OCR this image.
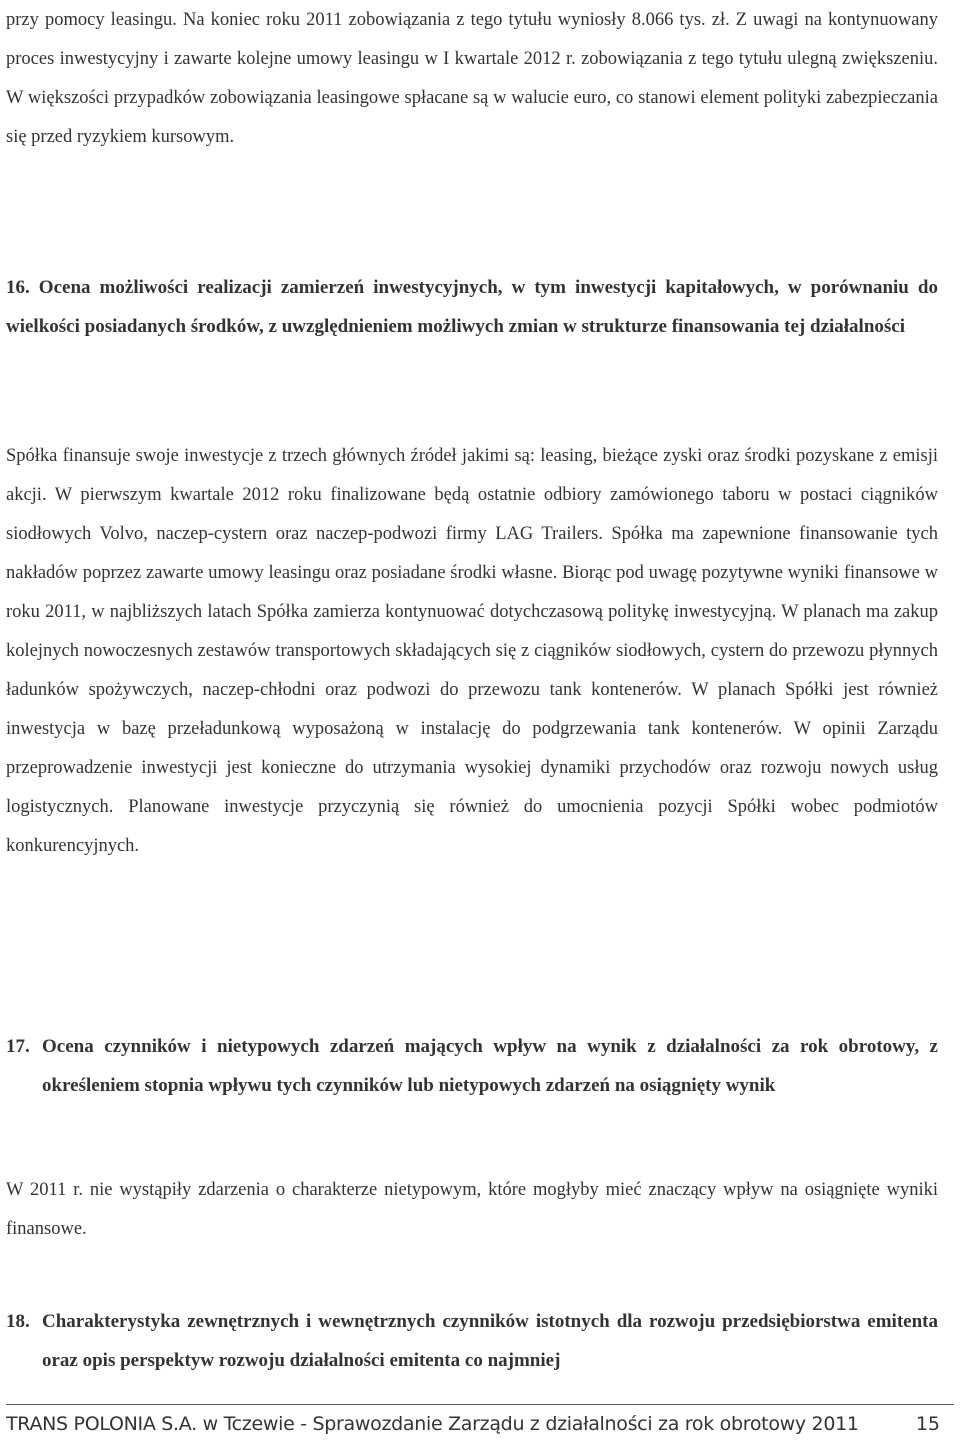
przy pomocy leasingu. Na koniec roku 2011 zobowiązania z tego tytułu wyniosły 8.066 tys. zł. Z uwagi na kontynuowany proces inwestycyjny i zawarte kolejne umowy leasingu w I kwartale 2012 r. zobowiązania z tego tytułu ulegną zwiększeniu. W większości przypadków zobowiązania leasingowe spłacane są w walucie euro, co stanowi element polityki zabezpieczania się przed ryzykiem kursowym.

16. Ocena możliwości realizacji zamierzeń inwestycyjnych, w tym inwestycji kapitałowych, w porównaniu do wielkości posiadanych środków, z uwzględnieniem możliwych zmian w strukturze finansowania tej działalności

Spółka finansuje swoje inwestycje z trzech głównych źródeł jakimi są: leasing, bieżące zyski oraz środki pozyskane z emisji akcji. W pierwszym kwartale 2012 roku finalizowane będą ostatnie odbiory zamówionego taboru w postaci ciągników siodłowych Volvo, naczep-cystern oraz naczep-podwozi firmy LAG Trailers. Spółka ma zapewnione finansowanie tych nakładów poprzez zawarte umowy leasingu oraz posiadane środki własne. Biorąc pod uwagę pozytywne wyniki finansowe w roku 2011, w najbliższych latach Spółka zamierza kontynuować dotychczasową politykę inwestycyjną. W planach ma zakup kolejnych nowoczesnych zestawów transportowych składających się z ciągników siodłowych, cystern do przewozu płynnych ładunków spożywczych, naczep-chłodni oraz podwozi do przewozu tank kontenerów. W planach Spółki jest również inwestycja w bazę przeładunkową wyposażoną w instalację do podgrzewania tank kontenerów. W opinii Zarządu przeprowadzenie inwestycji jest konieczne do utrzymania wysokiej dynamiki przychodów oraz rozwoju nowych usług logistycznych. Planowane inwestycje przyczynią się również do umocnienia pozycji Spółki wobec podmiotów konkurencyjnych.

17. Ocena czynników i nietypowych zdarzeń mających wpływ na wynik z działalności za rok obrotowy, z określeniem stopnia wpływu tych czynników lub nietypowych zdarzeń na osiągnięty wynik

W 2011 r. nie wystąpiły zdarzenia o charakterze nietypowym, które mogłyby mieć znaczący wpływ na osiągnięte wyniki finansowe.

18. Charakterystyka zewnętrznych i wewnętrznych czynników istotnych dla rozwoju przedsiębiorstwa emitenta oraz opis perspektyw rozwoju działalności emitenta co najmniej
TRANS POLONIA S.A. w Tczewie - Sprawozdanie Zarządu z działalności za rok obrotowy 2011	15
